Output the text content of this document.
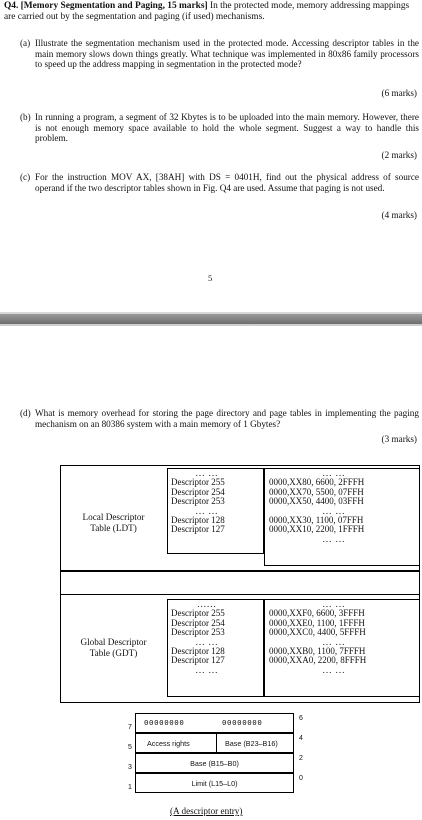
Q4. [Memory Segmentation and Paging, 15 marks] In the protected mode, memory addressing mappings are carried out by the segmentation and paging (if used) mechanisms.
(a) Illustrate the segmentation mechanism used in the protected mode. Accessing descriptor tables in the main memory slows down things greatly. What technique was implemented in 80x86 family processors to speed up the address mapping in segmentation in the protected mode?
(6 marks)
(b) In running a program, a segment of 32 Kbytes is to be uploaded into the main memory. However, there is not enough memory space available to hold the whole segment. Suggest a way to handle this problem.
(2 marks)
(c) For the instruction MOV AX, [38AH] with DS = 0401H, find out the physical address of source operand if the two descriptor tables shown in Fig. Q4 are used. Assume that paging is not used.
(4 marks)
5
(d) What is memory overhead for storing the page directory and page tables in implementing the paging mechanism on an 80386 system with a main memory of 1 Gbytes?
(3 marks)
Local Descriptor
Table (LDT)
... ...
Descriptor 255
Descriptor 254
Descriptor 253
... ...
Descriptor 128
Descriptor 127
... ...
0000,XX80, 6600, 2FFFH
0000,XX70, 5500, 07FFH
0000,XX50, 4400, 03FFH
... ...
0000,XX30, 1100, 07FFH
0000,XX10, 2200, 1FFFH
... ...
Global Descriptor
Table (GDT)
......
Descriptor 255
Descriptor 254
Descriptor 253
... ...
Descriptor 128
Descriptor 127
... ...
... ...
0000,XXF0, 6600, 3FFFH
0000,XXE0, 1100, 1FFFH
0000,XXC0, 4400, 5FFFH
... ...
0000,XXB0, 1100, 7FFFH
0000,XXA0, 2200, 8FFFH
... ...
00000000	00000000
Access rights	Base (B23–B16)
Base (B15–B0)
Limit (L15–L0)
7
5
3
1
6
4
2
0
(A descriptor entry)
